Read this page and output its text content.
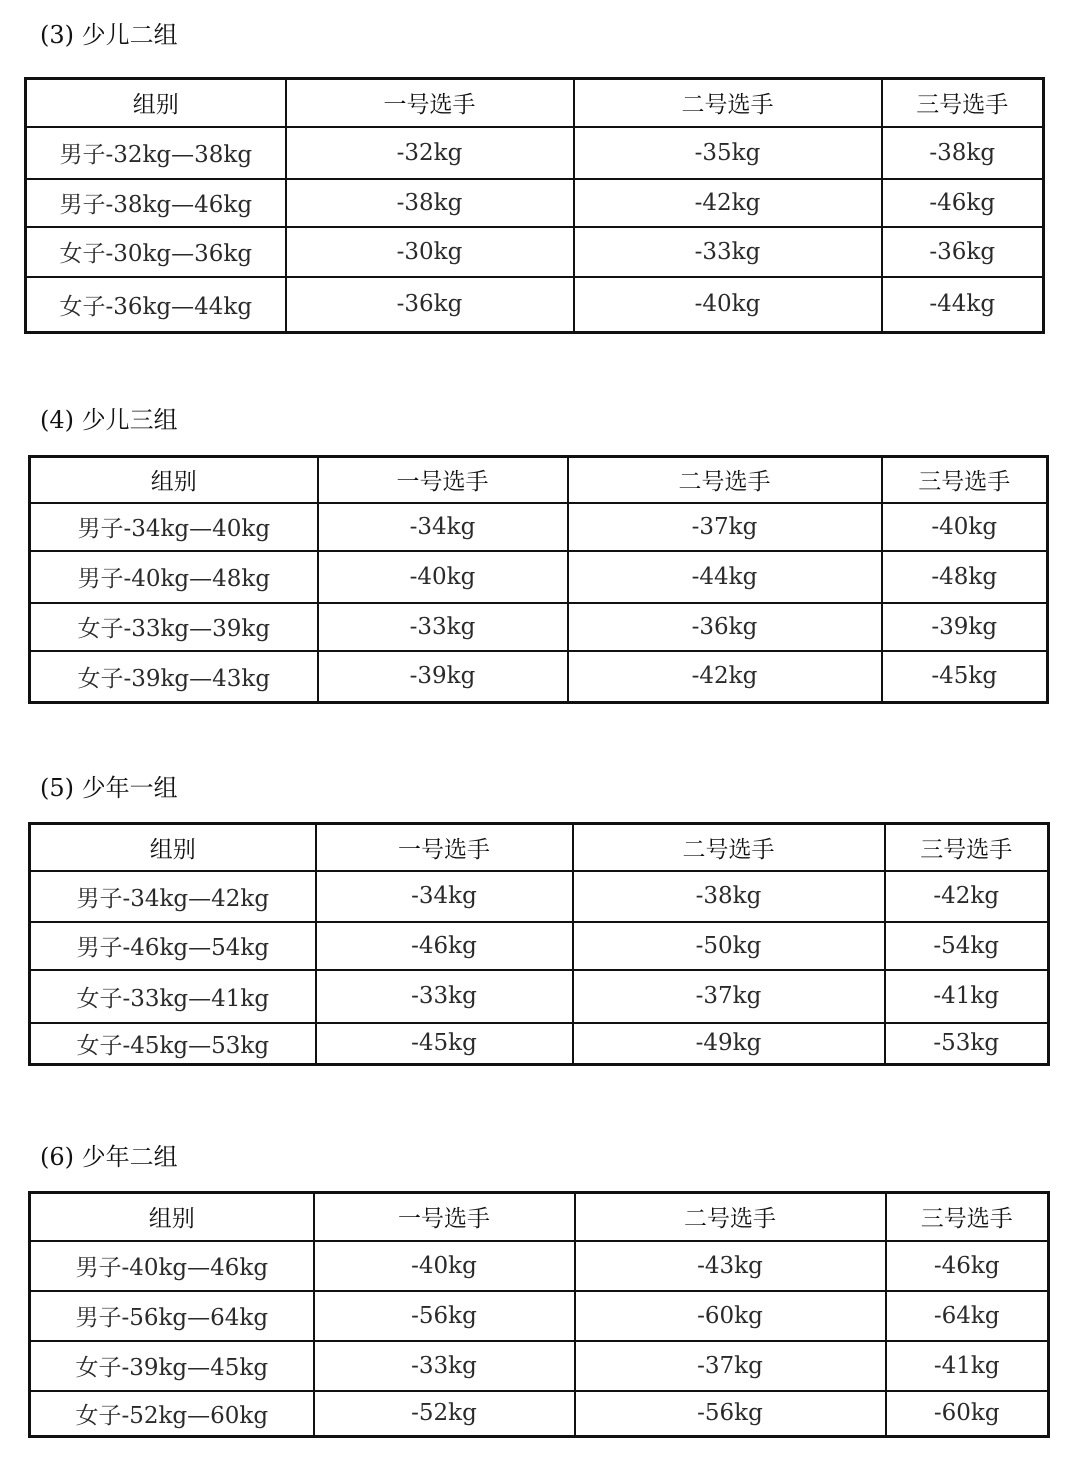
(3) 少儿二组
组别	一号选手	二号选手	三号选手
男子-32kg—38kg	-32kg	-35kg	-38kg
男子-38kg—46kg	-38kg	-42kg	-46kg
女子-30kg—36kg	-30kg	-33kg	-36kg
女子-36kg—44kg	-36kg	-40kg	-44kg
(4) 少儿三组
组别	一号选手	二号选手	三号选手
男子-34kg—40kg	-34kg	-37kg	-40kg
男子-40kg—48kg	-40kg	-44kg	-48kg
女子-33kg—39kg	-33kg	-36kg	-39kg
女子-39kg—43kg	-39kg	-42kg	-45kg
(5) 少年一组
组别	一号选手	二号选手	三号选手
男子-34kg—42kg	-34kg	-38kg	-42kg
男子-46kg—54kg	-46kg	-50kg	-54kg
女子-33kg—41kg	-33kg	-37kg	-41kg
女子-45kg—53kg	-45kg	-49kg	-53kg
(6) 少年二组
组别	一号选手	二号选手	三号选手
男子-40kg—46kg	-40kg	-43kg	-46kg
男子-56kg—64kg	-56kg	-60kg	-64kg
女子-39kg—45kg	-33kg	-37kg	-41kg
女子-52kg—60kg	-52kg	-56kg	-60kg
